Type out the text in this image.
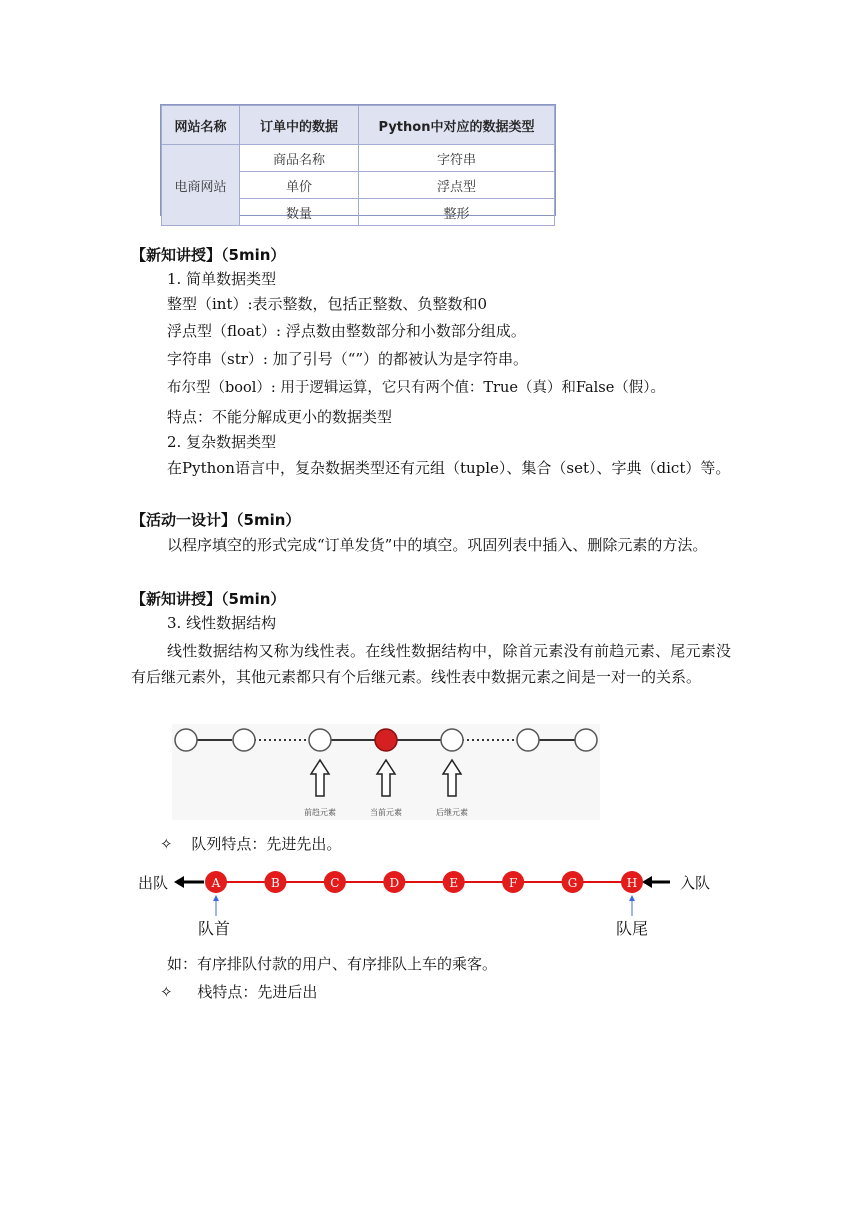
网站名称	订单中的数据	Python中对应的数据类型
电商网站	商品名称	字符串
	单价	浮点型
	数量	整形
【新知讲授】（5min）
1. 简单数据类型
整型（int）:表示整数，包括正整数、负整数和0
浮点型（float）: 浮点数由整数部分和小数部分组成。
字符串（str）: 加了引号（“”）的都被认为是字符串。
布尔型（bool）: 用于逻辑运算，它只有两个值：True（真）和False（假）。
特点：不能分解成更小的数据类型
2. 复杂数据类型
在Python语言中，复杂数据类型还有元组（tuple）、集合（set）、字典（dict）等。
【活动一设计】（5min）
以程序填空的形式完成“订单发货”中的填空。巩固列表中插入、删除元素的方法。
【新知讲授】（5min）
3. 线性数据结构
线性数据结构又称为线性表。在线性数据结构中，除首元素没有前趋元素、尾元素没有后继元素外，其他元素都只有个后继元素。线性表中数据元素之间是一对一的关系。
前趋元素	当前元素	后继元素
✧ 队列特点：先进先出。
出队	入队
A	B	C	D	E	F	G	H
队首	队尾
如：有序排队付款的用户、有序排队上车的乘客。
✧ 栈特点：先进后出
